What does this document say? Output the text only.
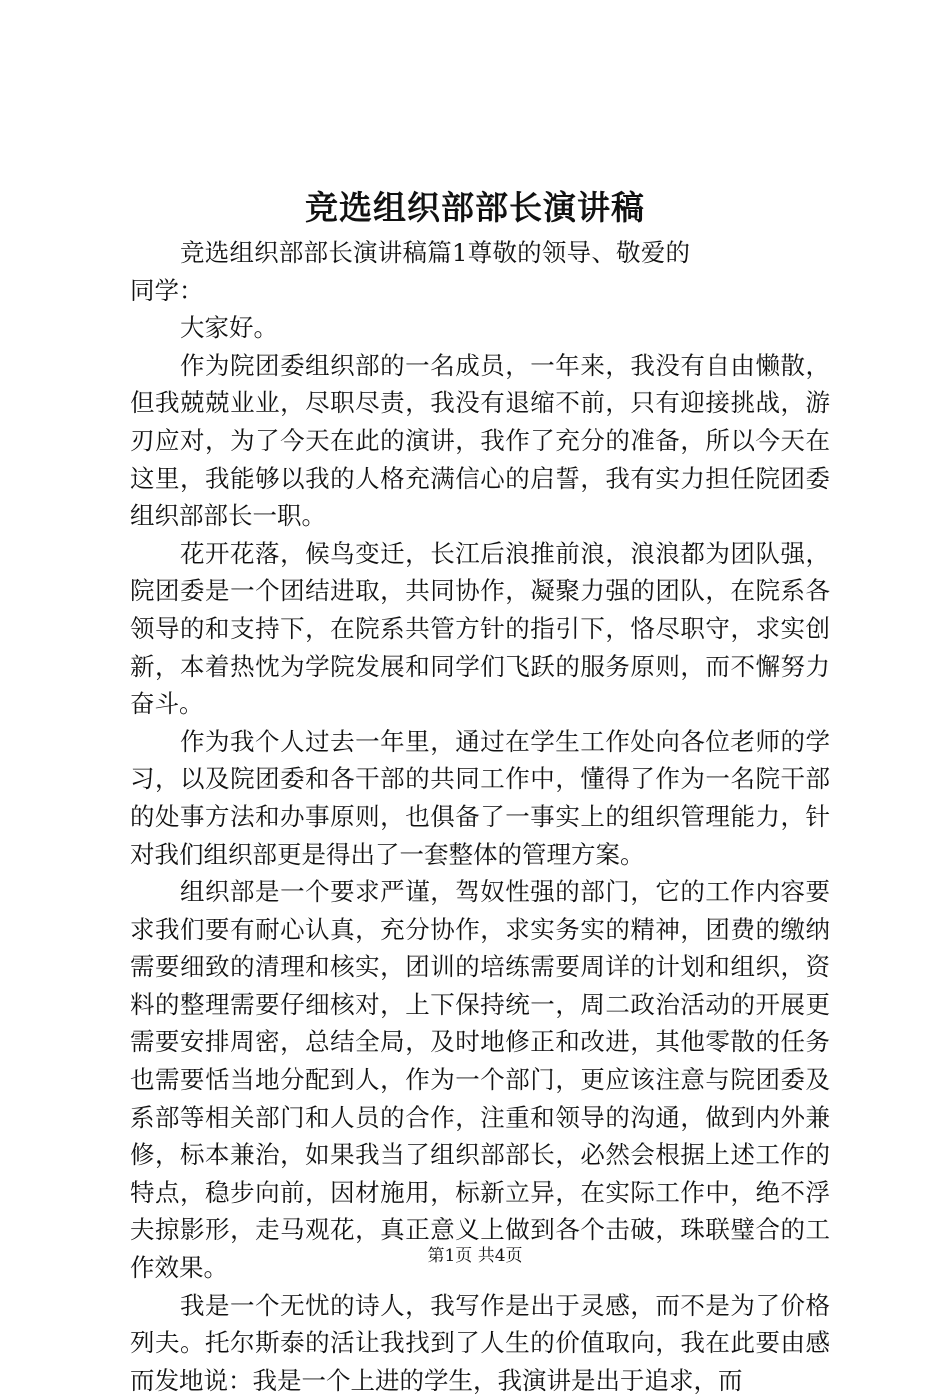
竞选组织部部长演讲稿

竞选组织部部长演讲稿篇1尊敬的领导、敬爱的同学：

大家好。

作为院团委组织部的一名成员，一年来，我没有自由懒散，但我兢兢业业，尽职尽责，我没有退缩不前，只有迎接挑战，游刃应对，为了今天在此的演讲，我作了充分的准备，所以今天在这里，我能够以我的人格充满信心的启誓，我有实力担任院团委组织部部长一职。

花开花落，候鸟变迁，长江后浪推前浪，浪浪都为团队强，院团委是一个团结进取，共同协作，凝聚力强的团队，在院系各领导的和支持下，在院系共管方针的指引下，恪尽职守，求实创新，本着热忱为学院发展和同学们飞跃的服务原则，而不懈努力奋斗。

作为我个人过去一年里，通过在学生工作处向各位老师的学习，以及院团委和各干部的共同工作中，懂得了作为一名院干部的处事方法和办事原则，也俱备了一事实上的组织管理能力，针对我们组织部更是得出了一套整体的管理方案。

组织部是一个要求严谨，驾奴性强的部门，它的工作内容要求我们要有耐心认真，充分协作，求实务实的精神，团费的缴纳需要细致的清理和核实，团训的培练需要周详的计划和组织，资料的整理需要仔细核对，上下保持统一，周二政治活动的开展更需要安排周密，总结全局，及时地修正和改进，其他零散的任务也需要恬当地分配到人，作为一个部门，更应该注意与院团委及系部等相关部门和人员的合作，注重和领导的沟通，做到内外兼修，标本兼治，如果我当了组织部部长，必然会根据上述工作的特点，稳步向前，因材施用，标新立异，在实际工作中，绝不浮夫掠影形，走马观花，真正意义上做到各个击破，珠联璧合的工作效果。

我是一个无忧的诗人，我写作是出于灵感，而不是为了价格列夫。托尔斯泰的活让我找到了人生的价值取向，我在此要由感而发地说：我是一个上进的学生，我演讲是出于追求，而

第1页 共4页
